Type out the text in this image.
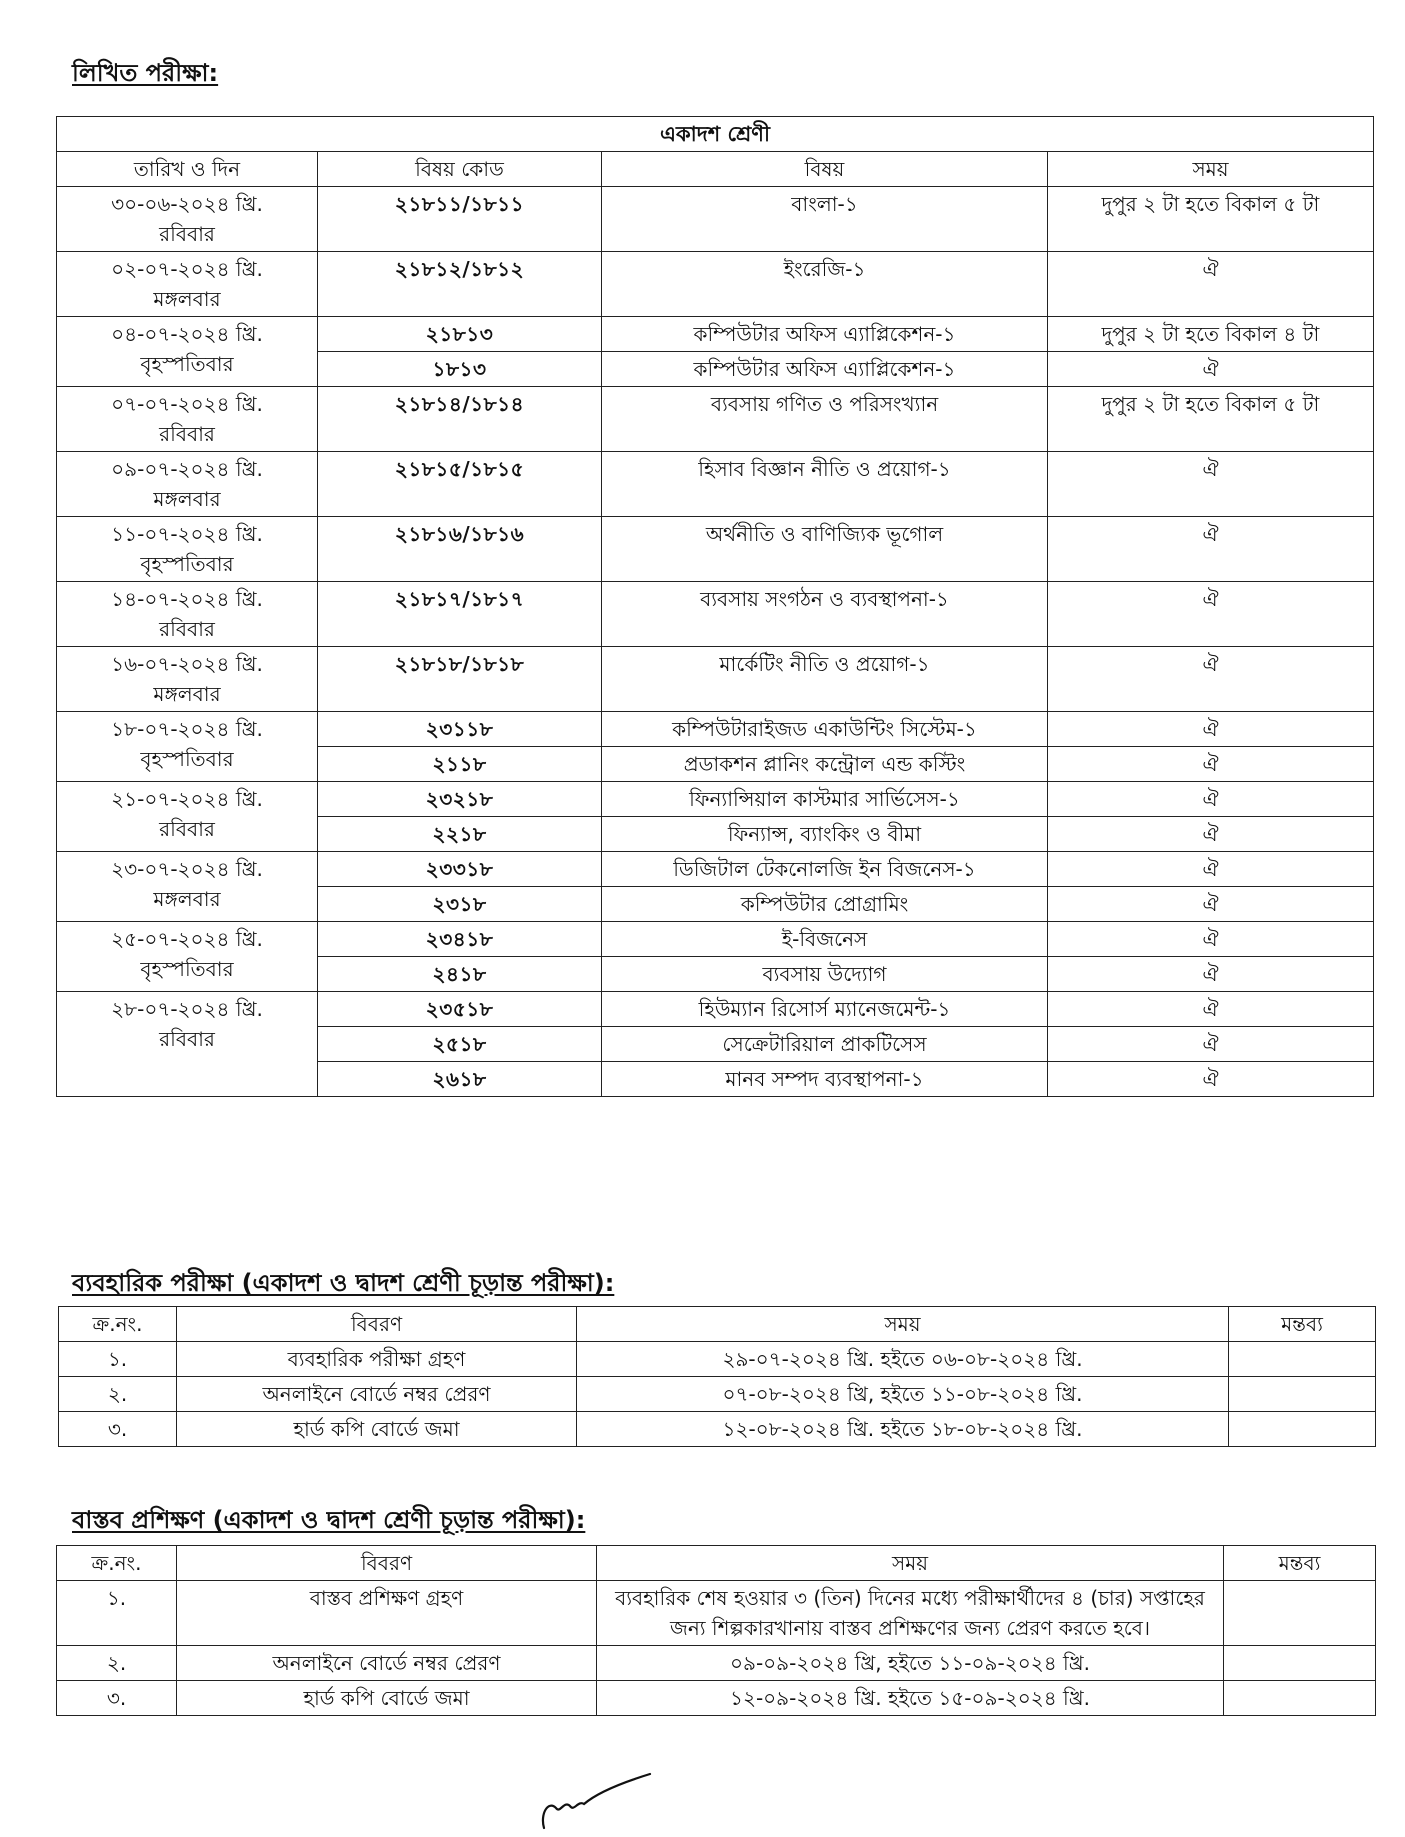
লিখিত পরীক্ষা:
একাদশ শ্রেণী			
তারিখ ও দিন	বিষয় কোড	বিষয়	সময়

৩০-০৬-২০২৪ খ্রি.
রবিবার	২১৮১১/১৮১১	বাংলা-১	দুপুর ২ টা হতে বিকাল ৫ টা

০২-০৭-২০২৪ খ্রি.
মঙ্গলবার	২১৮১২/১৮১২	ইংরেজি-১	ঐ

০৪-০৭-২০২৪ খ্রি.
বৃহস্পতিবার	২১৮১৩	কম্পিউটার অফিস এ্যাপ্লিকেশন-১	দুপুর ২ টা হতে বিকাল ৪ টা
	১৮১৩	কম্পিউটার অফিস এ্যাপ্লিকেশন-১	ঐ

০৭-০৭-২০২৪ খ্রি.
রবিবার	২১৮১৪/১৮১৪	ব্যবসায় গণিত ও পরিসংখ্যান	দুপুর ২ টা হতে বিকাল ৫ টা

০৯-০৭-২০২৪ খ্রি.
মঙ্গলবার	২১৮১৫/১৮১৫	হিসাব বিজ্ঞান নীতি ও প্রয়োগ-১	ঐ

১১-০৭-২০২৪ খ্রি.
বৃহস্পতিবার	২১৮১৬/১৮১৬	অর্থনীতি ও বাণিজ্যিক ভূগোল	ঐ

১৪-০৭-২০২৪ খ্রি.
রবিবার	২১৮১৭/১৮১৭	ব্যবসায় সংগঠন ও ব্যবস্থাপনা-১	ঐ

১৬-০৭-২০২৪ খ্রি.
মঙ্গলবার	২১৮১৮/১৮১৮	মার্কেটিং নীতি ও প্রয়োগ-১	ঐ

১৮-০৭-২০২৪ খ্রি.
বৃহস্পতিবার	২৩১১৮	কম্পিউটারাইজড একাউন্টিং সিস্টেম-১	ঐ
	২১১৮	প্রডাকশন প্লানিং কন্ট্রোল এন্ড কস্টিং	ঐ

২১-০৭-২০২৪ খ্রি.
রবিবার	২৩২১৮	ফিন্যান্সিয়াল কাস্টমার সার্ভিসেস-১	ঐ
	২২১৮	ফিন্যান্স, ব্যাংকিং ও বীমা	ঐ

২৩-০৭-২০২৪ খ্রি.
মঙ্গলবার	২৩৩১৮	ডিজিটাল টেকনোলজি ইন বিজনেস-১	ঐ
	২৩১৮	কম্পিউটার প্রোগ্রামিং	ঐ

২৫-০৭-২০২৪ খ্রি.
বৃহস্পতিবার	২৩৪১৮	ই-বিজনেস	ঐ
	২৪১৮	ব্যবসায় উদ্যোগ	ঐ

২৮-০৭-২০২৪ খ্রি.
রবিবার	২৩৫১৮	হিউম্যান রিসোর্স ম্যানেজমেন্ট-১	ঐ
	২৫১৮	সেক্রেটারিয়াল প্রাকটিসেস	ঐ
	২৬১৮	মানব সম্পদ ব্যবস্থাপনা-১	ঐ
ব্যবহারিক পরীক্ষা (একাদশ ও দ্বাদশ শ্রেণী চূড়ান্ত পরীক্ষা):
ক্র.নং.	বিবরণ	সময়	মন্তব্য
১.	ব্যবহারিক পরীক্ষা গ্রহণ	২৯-০৭-২০২৪ খ্রি. হইতে ০৬-০৮-২০২৪ খ্রি.	
২.	অনলাইনে বোর্ডে নম্বর প্রেরণ	০৭-০৮-২০২৪ খ্রি, হইতে ১১-০৮-২০২৪ খ্রি.	
৩.	হার্ড কপি বোর্ডে জমা	১২-০৮-২০২৪ খ্রি. হইতে ১৮-০৮-২০২৪ খ্রি.	
বাস্তব প্রশিক্ষণ (একাদশ ও দ্বাদশ শ্রেণী চূড়ান্ত পরীক্ষা):
ক্র.নং.	বিবরণ	সময়	মন্তব্য
১.	বাস্তব প্রশিক্ষণ গ্রহণ	ব্যবহারিক শেষ হওয়ার ৩ (তিন) দিনের মধ্যে পরীক্ষার্থীদের ৪ (চার) সপ্তাহের জন্য শিল্পকারখানায় বাস্তব প্রশিক্ষণের জন্য প্রেরণ করতে হবে।	
২.	অনলাইনে বোর্ডে নম্বর প্রেরণ	০৯-০৯-২০২৪ খ্রি, হইতে ১১-০৯-২০২৪ খ্রি.	
৩.	হার্ড কপি বোর্ডে জমা	১২-০৯-২০২৪ খ্রি. হইতে ১৫-০৯-২০২৪ খ্রি.	
